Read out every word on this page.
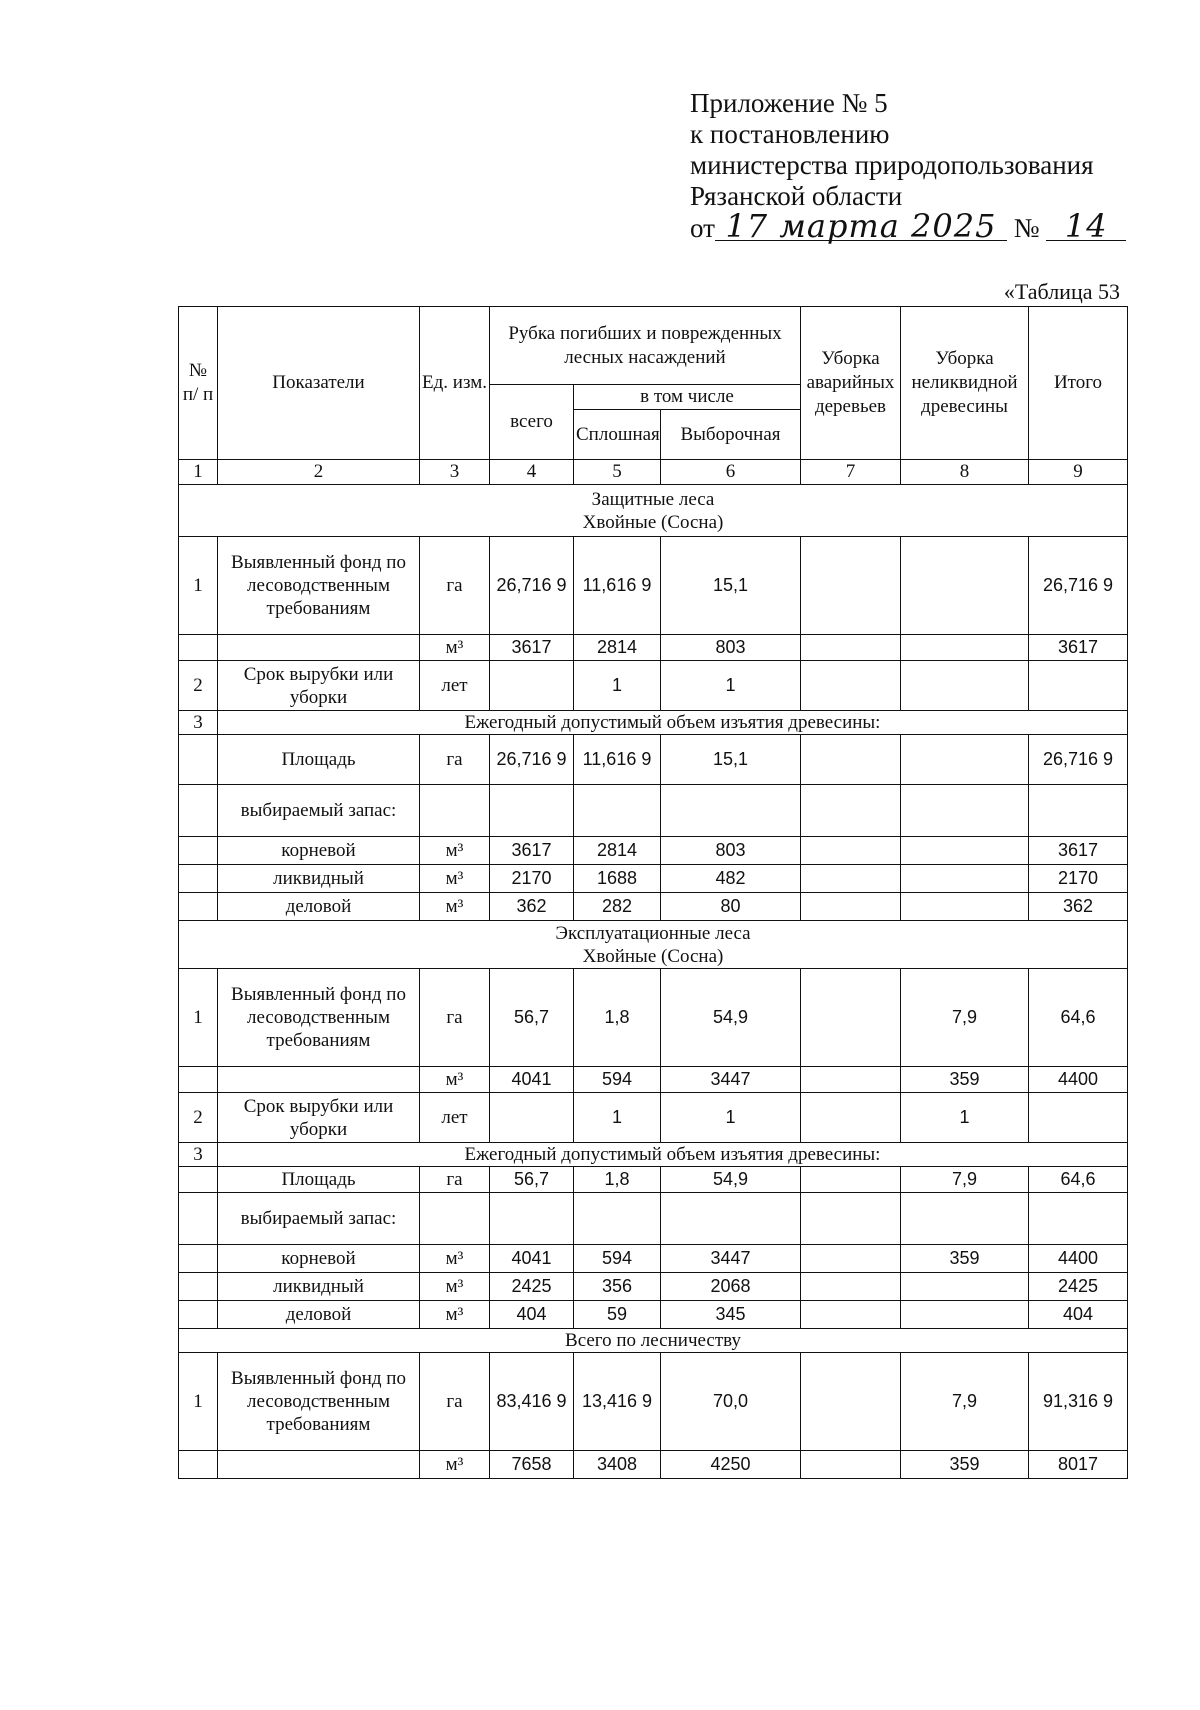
Приложение № 5
к постановлению
министерства природопользования
Рязанской области
от 17 марта 2025 № 14
«Таблица 53
№ п/ п	Показатели	Ед. изм.	Рубка погибших и поврежденных лесных насаждений			Уборка аварийных деревьев	Уборка неликвидной древесины	Итого
			всего	в том числе				
				Сплошная	Выборочная			
1	2	3	4	5	6	7	8	9

Защитные леса
Хвойные (Сосна)								

1	Выявленный фонд по лесоводственным требованиям	га	26,716 9	11,616 9	15,1			26,716 9
		м³	3617	2814	803			3617
2	Срок вырубки или уборки	лет		1	1			
3	Ежегодный допустимый объем изъятия древесины:							
	Площадь	га	26,716 9	11,616 9	15,1			26,716 9
	выбираемый запас:							
	корневой	м³	3617	2814	803			3617
	ликвидный	м³	2170	1688	482			2170
	деловой	м³	362	282	80			362

Эксплуатационные леса
Хвойные (Сосна)								

1	Выявленный фонд по лесоводственным требованиям	га	56,7	1,8	54,9		7,9	64,6
		м³	4041	594	3447		359	4400
2	Срок вырубки или уборки	лет		1	1		1	
3	Ежегодный допустимый объем изъятия древесины:							
	Площадь	га	56,7	1,8	54,9		7,9	64,6
	выбираемый запас:							
	корневой	м³	4041	594	3447		359	4400
	ликвидный	м³	2425	356	2068			2425
	деловой	м³	404	59	345			404

Всего по лесничеству								

1	Выявленный фонд по лесоводственным требованиям	га	83,416 9	13,416 9	70,0		7,9	91,316 9
		м³	7658	3408	4250		359	8017
